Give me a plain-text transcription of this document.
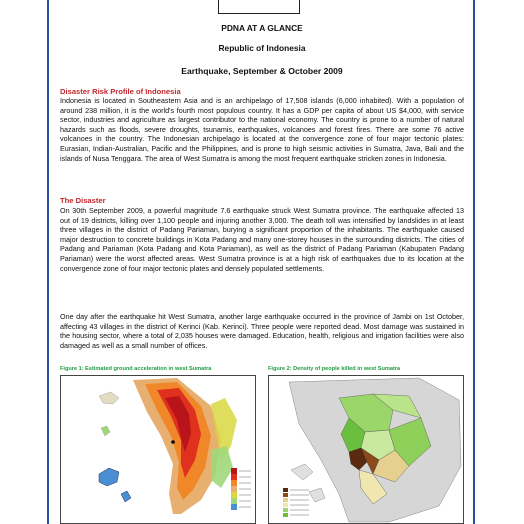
PDNA AT A GLANCE
Republic of Indonesia
Earthquake, September & October 2009
Disaster Risk Profile of Indonesia
Indonesia is located in Southeastern Asia and is an archipelago of 17,508 islands (6,000 inhabited). With a population of around 238 million, it is the world's fourth most populous country. It has a GDP per capita of about US $4,000, with service sector, industries and agriculture as largest contributor to the national economy. The country is prone to a number of natural hazards such as floods, severe droughts, tsunamis, earthquakes, volcanoes and forest fires. There are some 76 active volcanoes in the country. The Indonesian archipelago is located at the convergence zone of four major tectonic plates: Eurasian, Indian-Australian, Pacific and the Philippines, and is prone to high seismic activities in Sumatra, Java, Bali and the islands of Nusa Tenggara. The area of West Sumatra is among the most frequent earthquake stricken zones in Indonesia.
The Disaster
On 30th September 2009, a powerful magnitude 7.6 earthquake struck West Sumatra province. The earthquake affected 13 out of 19 districts, killing over 1,100 people and injuring another 3,000. The death toll was intensified by landslides in at least three villages in the district of Padang Pariaman, burying a significant proportion of the inhabitants. The earthquake caused major destruction to concrete buildings in Kota Padang and many one-storey houses in the surrounding districts. The cities of Padang and Pariaman (Kota Padang and Kota Pariaman), as well as the district of Padang Pariaman (Kabupaten Padang Pariaman) were the worst affected areas. West Sumatra province is at a high risk of earthquakes due to its location at the convergence zone of four major tectonic plates and densely populated settlements.
One day after the earthquake hit West Sumatra, another large earthquake occurred in the province of Jambi on 1st October, affecting 43 villages in the district of Kerinci (Kab. Kerinci). Three people were reported dead. Most damage was sustained in the housing sector, where a total of 2,035 houses were damaged. Education, health, religious and irrigation facilities were also damaged as well as a small number of offices.
Figure 1: Estimated ground acceleration in west Sumatra	Figure 2: Density of people killed in west Sumatra
